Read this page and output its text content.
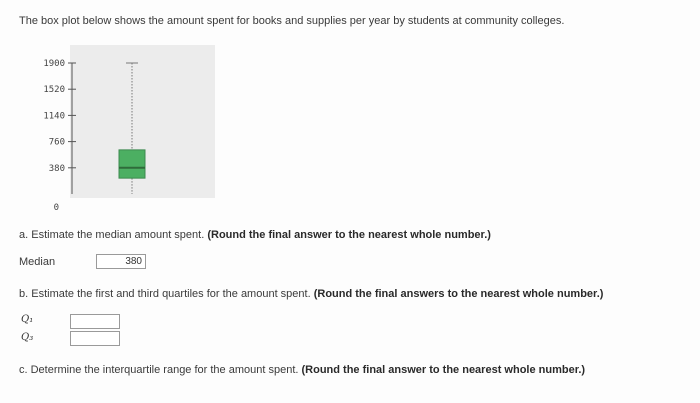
The box plot below shows the amount spent for books and supplies per year by students at community colleges.
1900
1520
1140
760
380
0
a. Estimate the median amount spent. (Round the final answer to the nearest whole number.)
Median
380
b. Estimate the first and third quartiles for the amount spent. (Round the final answers to the nearest whole number.)
Q₁
Q₃
c. Determine the interquartile range for the amount spent. (Round the final answer to the nearest whole number.)
